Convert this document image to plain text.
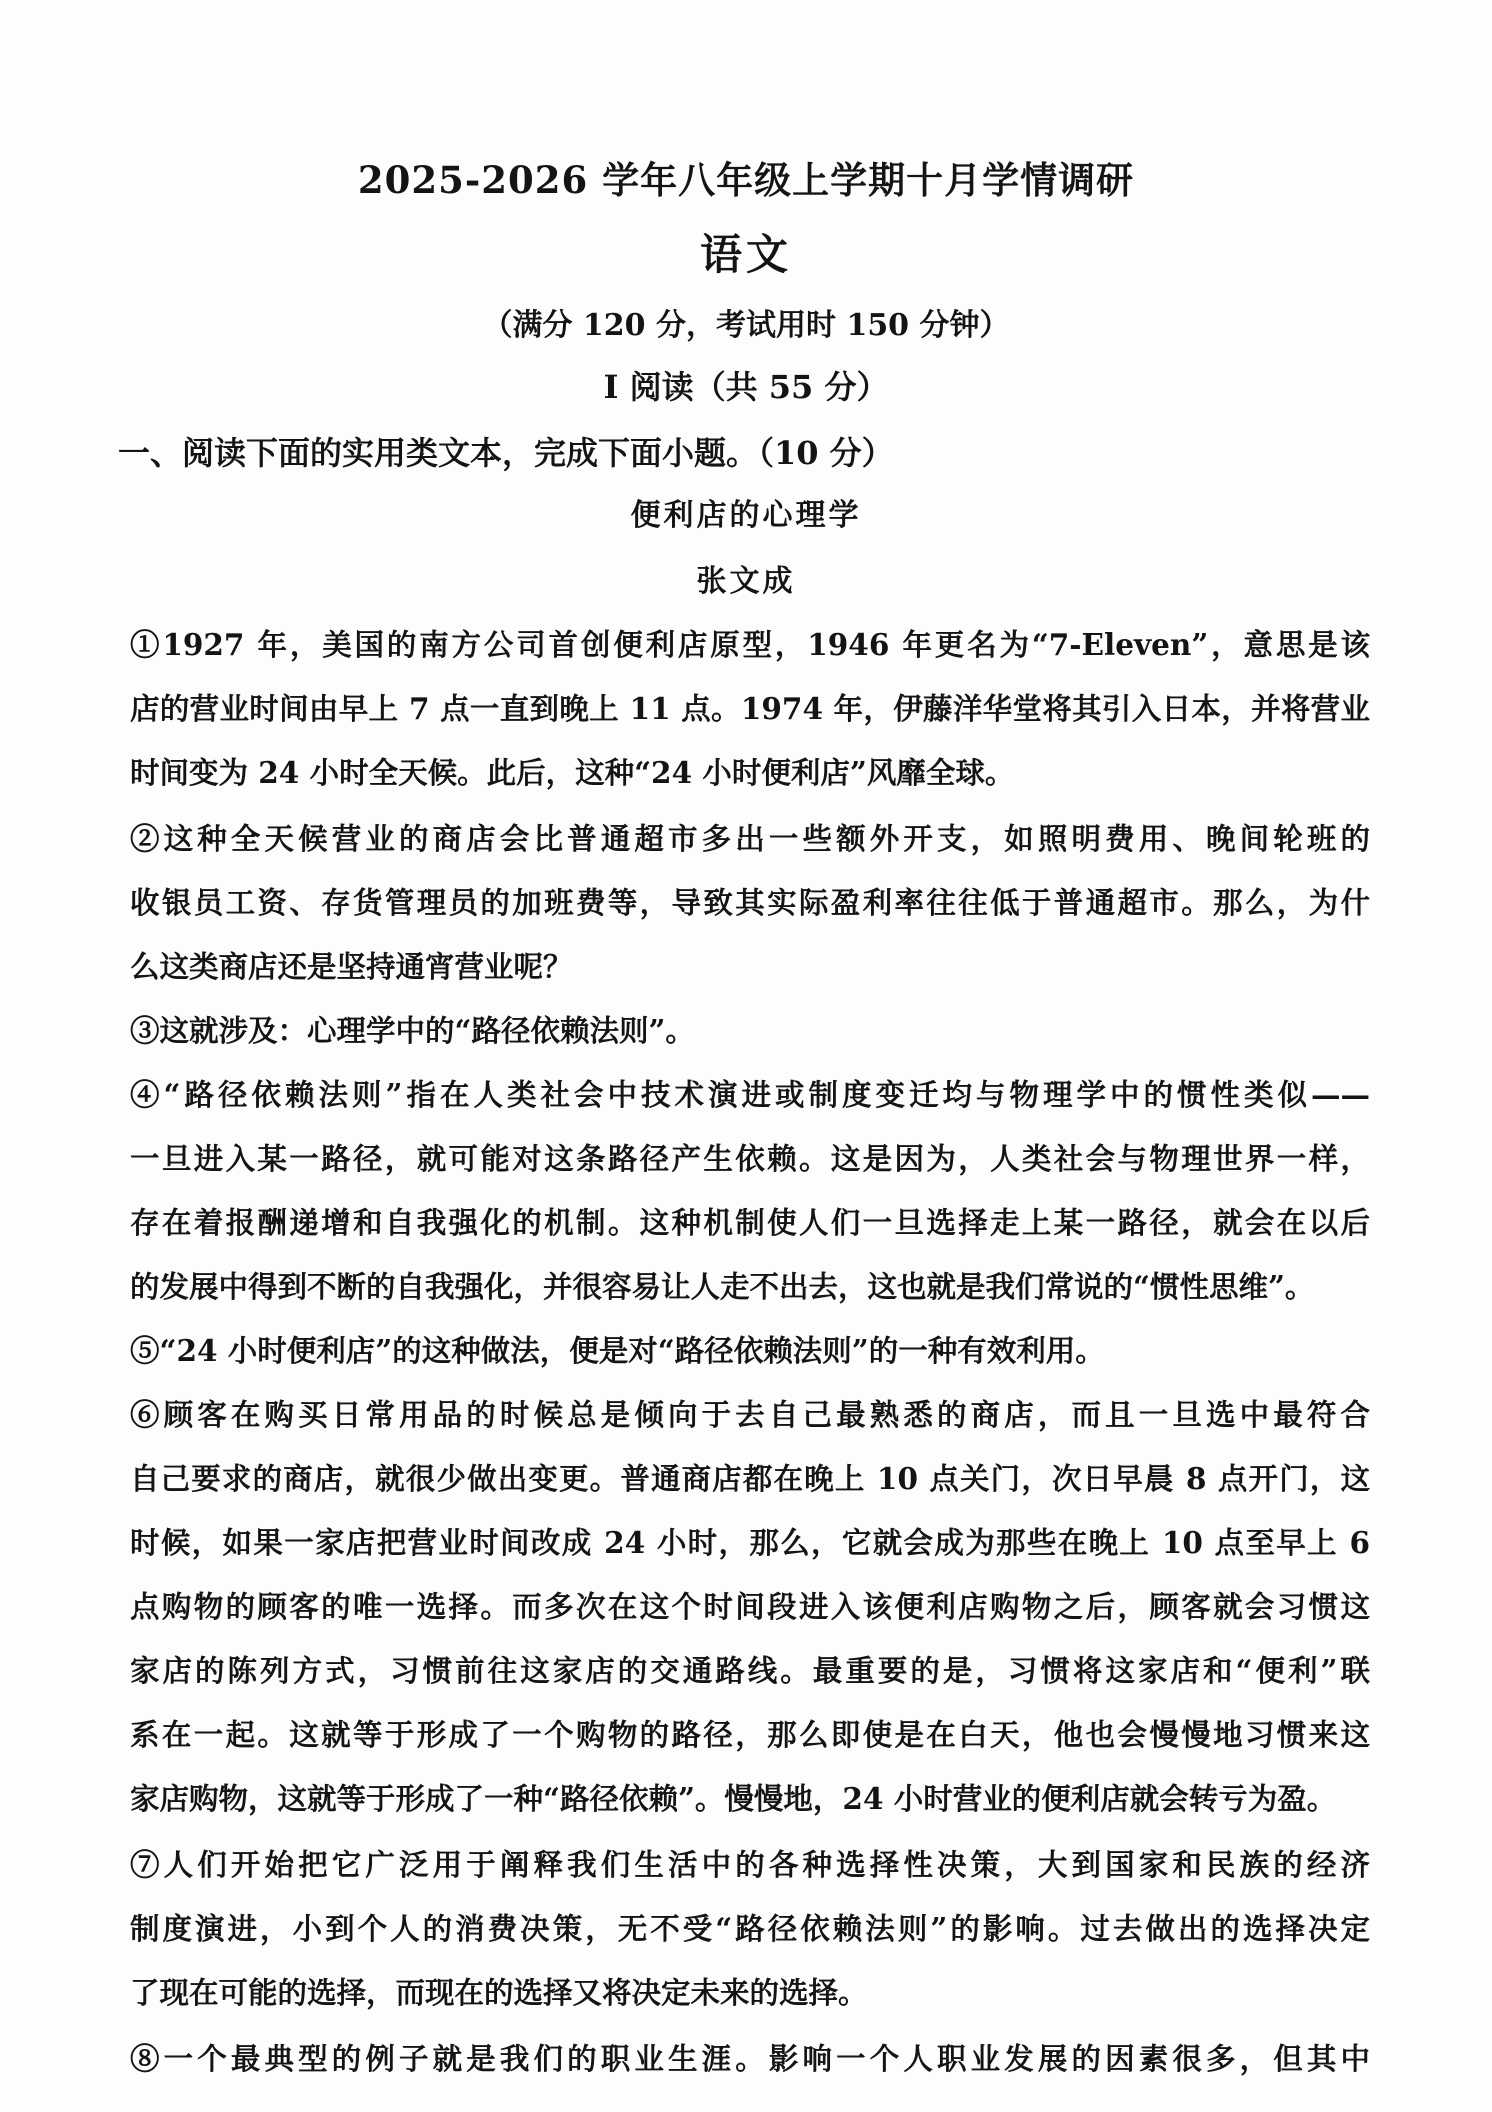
2025-2026 学年八年级上学期十月学情调研
语文
（满分 120 分，考试用时 150 分钟）
I 阅读（共 55 分）
一、阅读下面的实用类文本，完成下面小题。（10 分）
便利店的心理学
张文成
①1927 年，美国的南方公司首创便利店原型，1946 年更名为“7-Eleven”，意思是该
店的营业时间由早上 7 点一直到晚上 11 点。1974 年，伊藤洋华堂将其引入日本，并将营业
时间变为 24 小时全天候。此后，这种“24 小时便利店”风靡全球。
②这种全天候营业的商店会比普通超市多出一些额外开支，如照明费用、晚间轮班的
收银员工资、存货管理员的加班费等，导致其实际盈利率往往低于普通超市。那么，为什
么这类商店还是坚持通宵营业呢？
③这就涉及：心理学中的“路径依赖法则”。
④“路径依赖法则”指在人类社会中技术演进或制度变迁均与物理学中的惯性类似——
一旦进入某一路径，就可能对这条路径产生依赖。这是因为，人类社会与物理世界一样，
存在着报酬递增和自我强化的机制。这种机制使人们一旦选择走上某一路径，就会在以后
的发展中得到不断的自我强化，并很容易让人走不出去，这也就是我们常说的“惯性思维”。
⑤“24 小时便利店”的这种做法，便是对“路径依赖法则”的一种有效利用。
⑥顾客在购买日常用品的时候总是倾向于去自己最熟悉的商店，而且一旦选中最符合
自己要求的商店，就很少做出变更。普通商店都在晚上 10 点关门，次日早晨 8 点开门，这
时候，如果一家店把营业时间改成 24 小时，那么，它就会成为那些在晚上 10 点至早上 6
点购物的顾客的唯一选择。而多次在这个时间段进入该便利店购物之后，顾客就会习惯这
家店的陈列方式，习惯前往这家店的交通路线。最重要的是，习惯将这家店和“便利”联
系在一起。这就等于形成了一个购物的路径，那么即使是在白天，他也会慢慢地习惯来这
家店购物，这就等于形成了一种“路径依赖”。慢慢地，24 小时营业的便利店就会转亏为盈。
⑦人们开始把它广泛用于阐释我们生活中的各种选择性决策，大到国家和民族的经济
制度演进，小到个人的消费决策，无不受“路径依赖法则”的影响。过去做出的选择决定
了现在可能的选择，而现在的选择又将决定未来的选择。
⑧一个最典型的例子就是我们的职业生涯。影响一个人职业发展的因素很多，但其中
